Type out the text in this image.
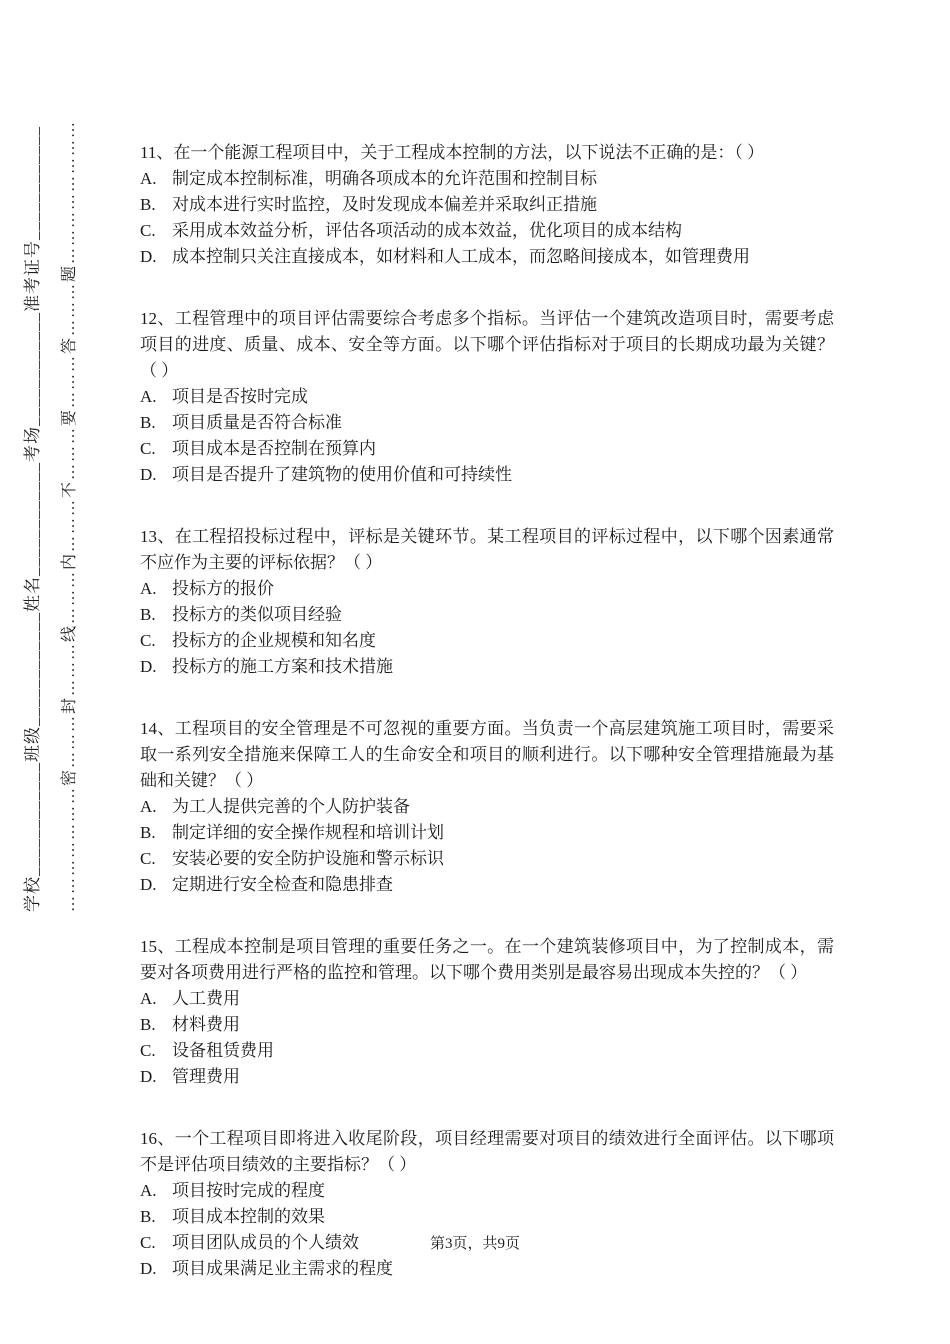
学校____________班级____________姓名____________考场____________准考证号____________	…………………密………封………线………内………不………要………答………题……………………	11、在一个能源工程项目中，关于工程成本控制的方法，以下说法不正确的是：（ ）
A. 制定成本控制标准，明确各项成本的允许范围和控制目标
B. 对成本进行实时监控，及时发现成本偏差并采取纠正措施
C. 采用成本效益分析，评估各项活动的成本效益，优化项目的成本结构
D. 成本控制只关注直接成本，如材料和人工成本，而忽略间接成本，如管理费用
12、工程管理中的项目评估需要综合考虑多个指标。当评估一个建筑改造项目时，需要考虑项目的进度、质量、成本、安全等方面。以下哪个评估指标对于项目的长期成功最为关键？（ ）
A. 项目是否按时完成
B. 项目质量是否符合标准
C. 项目成本是否控制在预算内
D. 项目是否提升了建筑物的使用价值和可持续性
13、在工程招投标过程中，评标是关键环节。某工程项目的评标过程中，以下哪个因素通常不应作为主要的评标依据？（ ）
A. 投标方的报价
B. 投标方的类似项目经验
C. 投标方的企业规模和知名度
D. 投标方的施工方案和技术措施
14、工程项目的安全管理是不可忽视的重要方面。当负责一个高层建筑施工项目时，需要采取一系列安全措施来保障工人的生命安全和项目的顺利进行。以下哪种安全管理措施最为基础和关键？（ ）
A. 为工人提供完善的个人防护装备
B. 制定详细的安全操作规程和培训计划
C. 安装必要的安全防护设施和警示标识
D. 定期进行安全检查和隐患排查
15、工程成本控制是项目管理的重要任务之一。在一个建筑装修项目中，为了控制成本，需要对各项费用进行严格的监控和管理。以下哪个费用类别是最容易出现成本失控的？（ ）
A. 人工费用
B. 材料费用
C. 设备租赁费用
D. 管理费用
16、一个工程项目即将进入收尾阶段，项目经理需要对项目的绩效进行全面评估。以下哪项不是评估项目绩效的主要指标？（ ）
A. 项目按时完成的程度
B. 项目成本控制的效果
C. 项目团队成员的个人绩效
D. 项目成果满足业主需求的程度
第3页，共9页
